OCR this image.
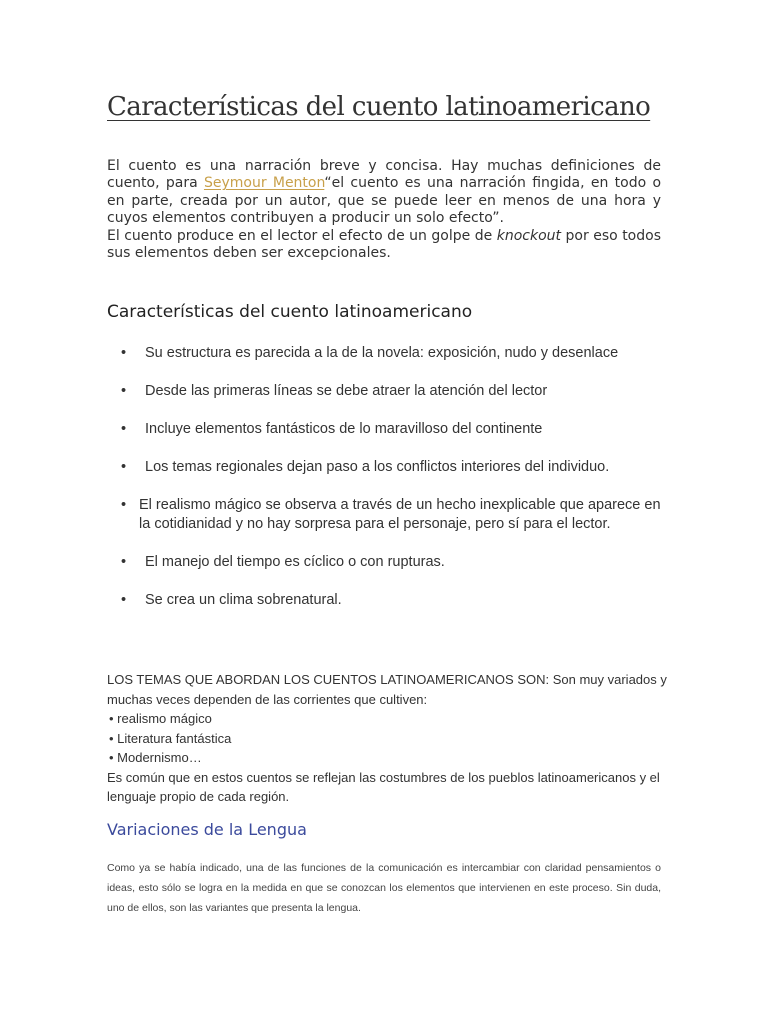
Características del cuento latinoamericano

El cuento es una narración breve y concisa. Hay muchas definiciones de cuento, para Seymour Menton“el cuento es una narración fingida, en todo o en parte, creada por un autor, que se puede leer en menos de una hora y cuyos elementos contribuyen a producir un solo efecto”.

El cuento produce en el lector el efecto de un golpe de knockout por eso todos sus elementos deben ser excepcionales.

Características del cuento latinoamericano
• Su estructura es parecida a la de la novela: exposición, nudo y desenlace
• Desde las primeras líneas se debe atraer la atención del lector
• Incluye elementos fantásticos de lo maravilloso del continente
• Los temas regionales dejan paso a los conflictos interiores del individuo.
• El realismo mágico se observa a través de un hecho inexplicable que aparece en la cotidianidad y no hay sorpresa para el personaje, pero sí para el lector.
• El manejo del tiempo es cíclico o con rupturas.
• Se crea un clima sobrenatural.

LOS TEMAS QUE ABORDAN LOS CUENTOS LATINOAMERICANOS SON: Son muy variados y muchas veces dependen de las corrientes que cultiven:

• realismo mágico

• Literatura fantástica

• Modernismo…

Es común que en estos cuentos se reflejan las costumbres de los pueblos latinoamericanos y el lenguaje propio de cada región.

Variaciones de la Lengua

Como ya se había indicado, una de las funciones de la comunicación es intercambiar con claridad pensamientos o ideas, esto sólo se logra en la medida en que se conozcan los elementos que intervienen en este proceso. Sin duda, uno de ellos, son las variantes que presenta la lengua.
